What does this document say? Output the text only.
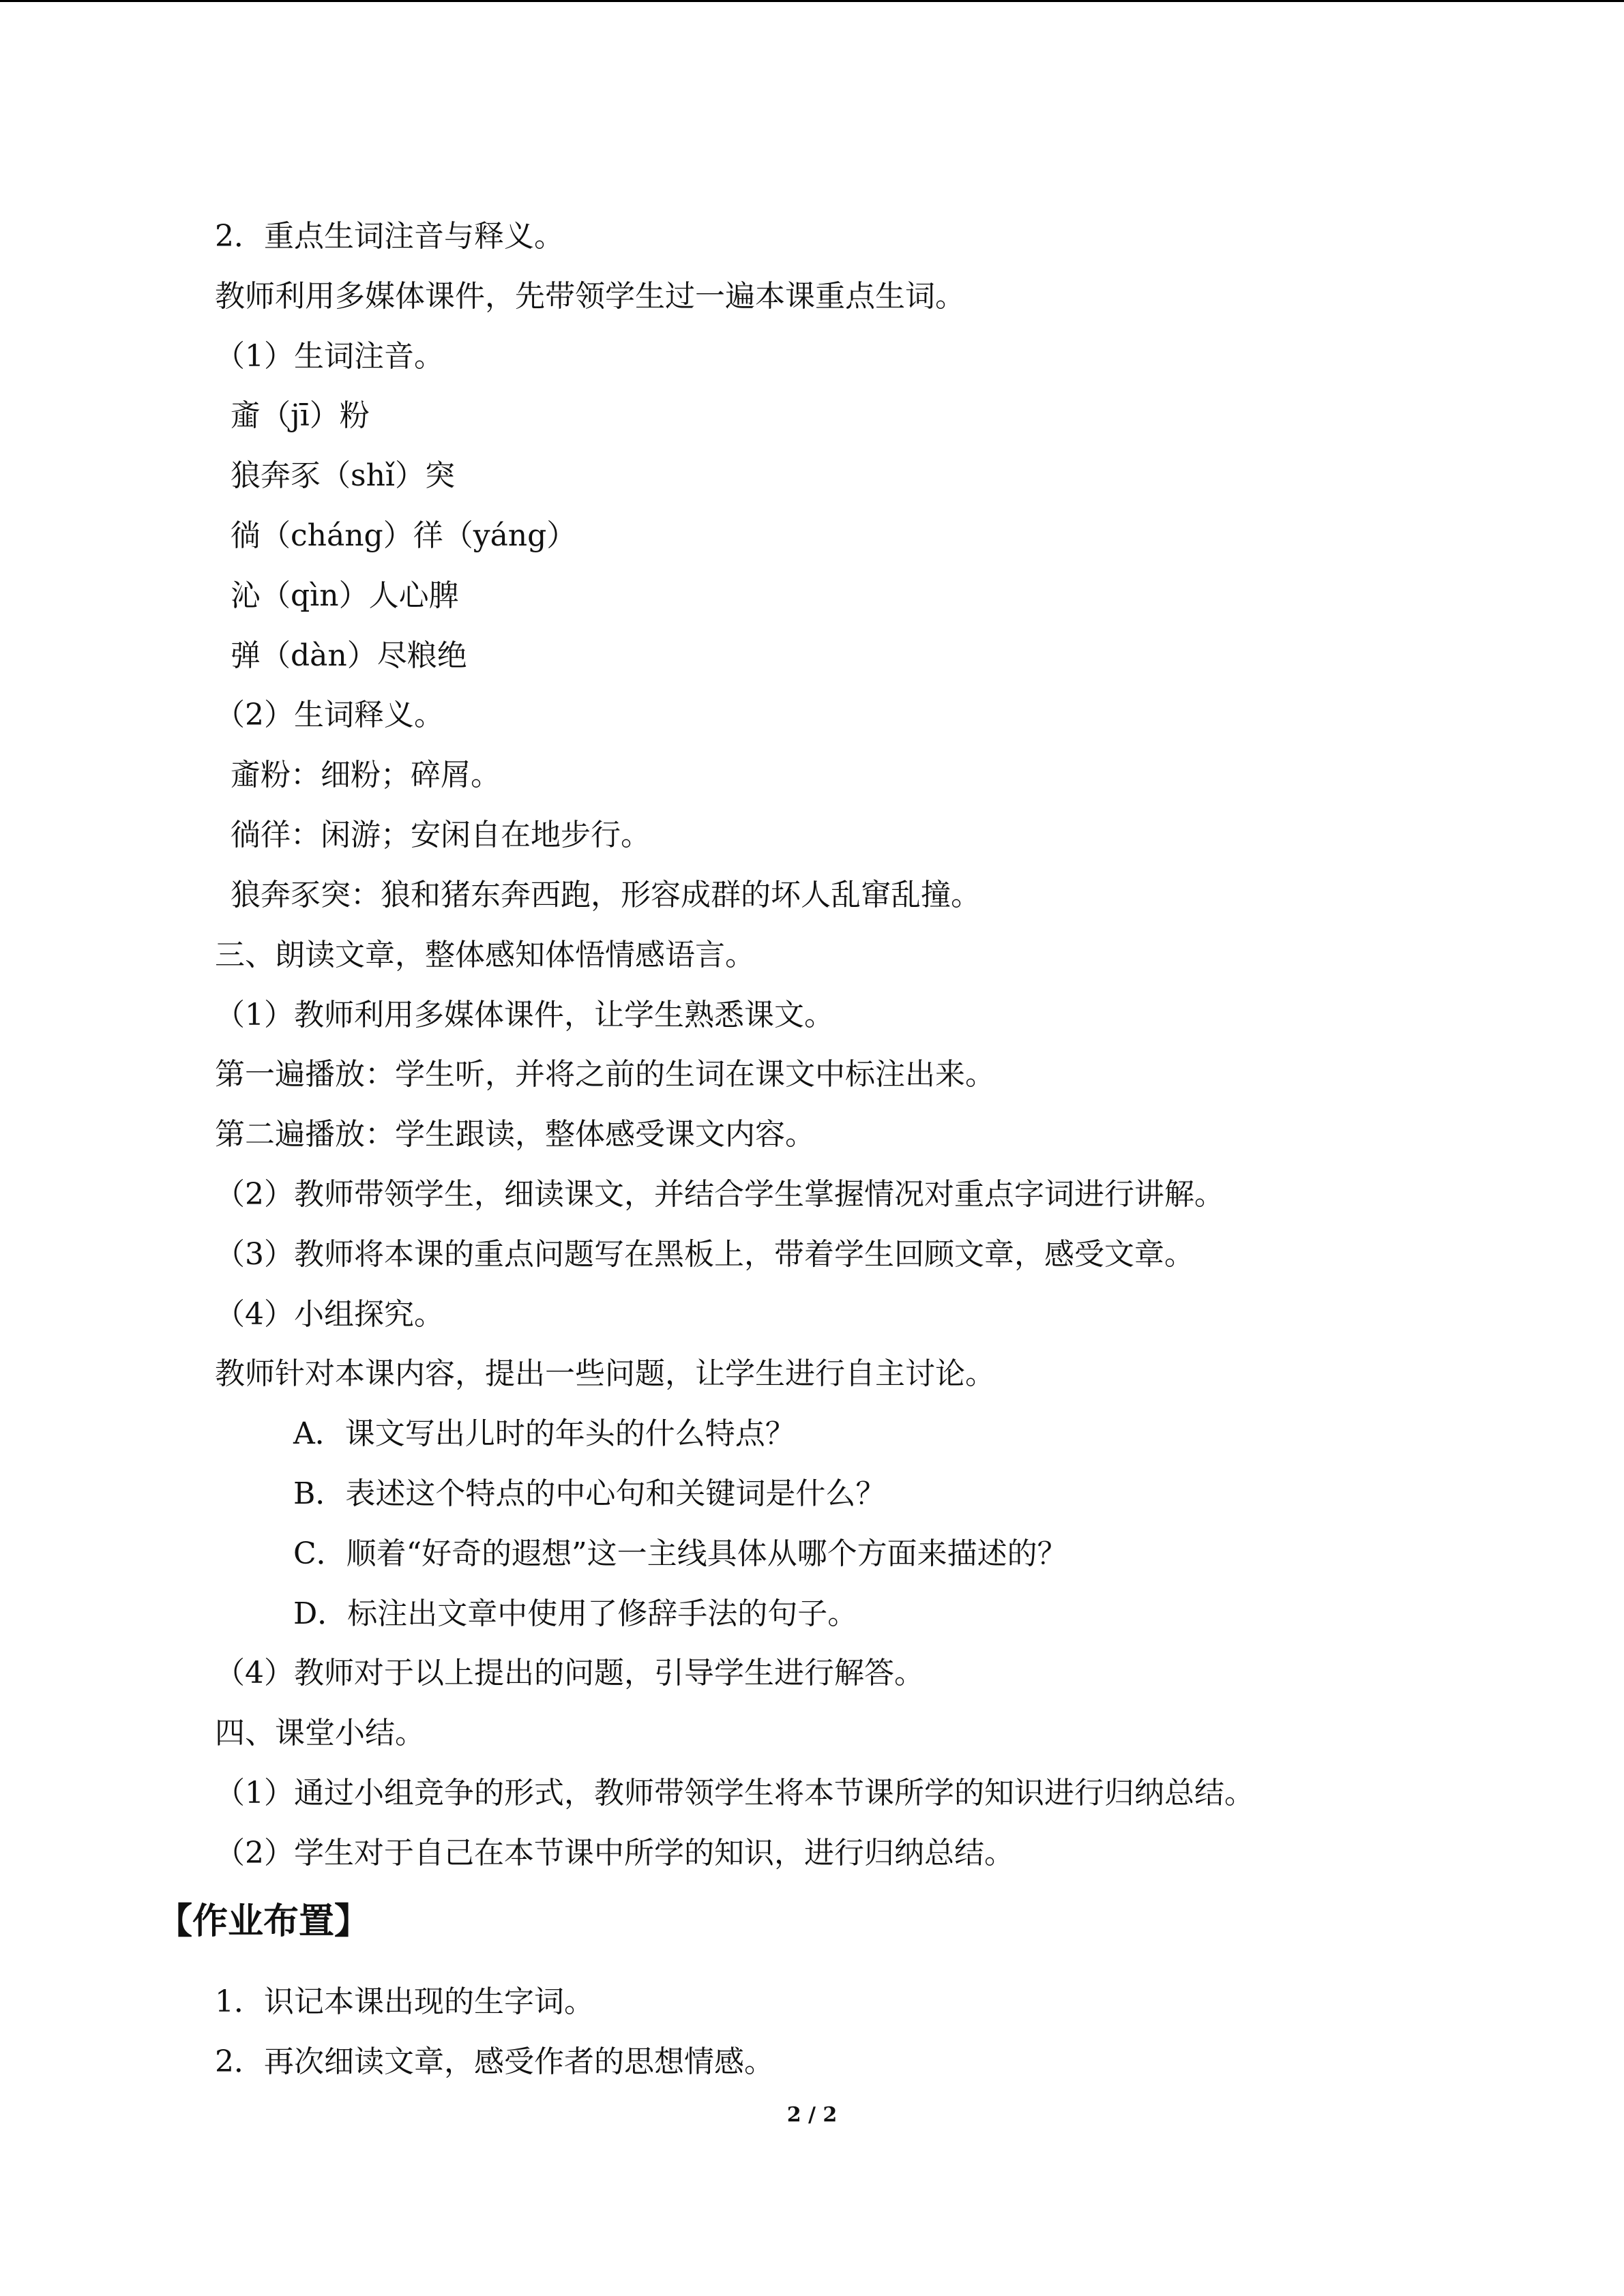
2．重点生词注音与释义。
教师利用多媒体课件，先带领学生过一遍本课重点生词。
（1）生词注音。
齑（jī）粉
狼奔豕（shǐ）突
徜（cháng）徉（yáng）
沁（qìn）人心脾
弹（dàn）尽粮绝
（2）生词释义。
齑粉：细粉；碎屑。
徜徉：闲游；安闲自在地步行。
狼奔豕突：狼和猪东奔西跑，形容成群的坏人乱窜乱撞。
三、朗读文章，整体感知体悟情感语言。
（1）教师利用多媒体课件，让学生熟悉课文。
第一遍播放：学生听，并将之前的生词在课文中标注出来。
第二遍播放：学生跟读，整体感受课文内容。
（2）教师带领学生，细读课文，并结合学生掌握情况对重点字词进行讲解。
（3）教师将本课的重点问题写在黑板上，带着学生回顾文章，感受文章。
（4）小组探究。
教师针对本课内容，提出一些问题，让学生进行自主讨论。
A．课文写出儿时的年头的什么特点？
B．表述这个特点的中心句和关键词是什么？
C．顺着“好奇的遐想”这一主线具体从哪个方面来描述的？
D．标注出文章中使用了修辞手法的句子。
（4）教师对于以上提出的问题，引导学生进行解答。
四、课堂小结。
（1）通过小组竞争的形式，教师带领学生将本节课所学的知识进行归纳总结。
（2）学生对于自己在本节课中所学的知识，进行归纳总结。
【作业布置】
1．识记本课出现的生字词。
2．再次细读文章，感受作者的思想情感。
2 / 2
